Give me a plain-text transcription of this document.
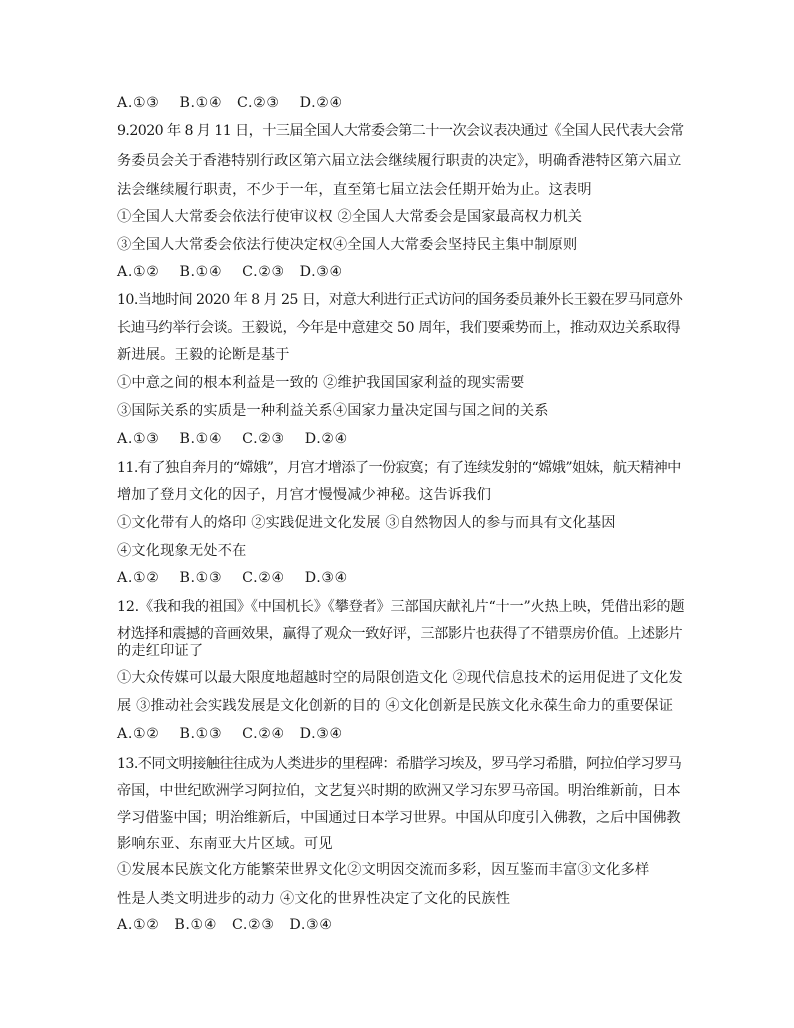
A.①③　 B.①④　C.②③　 D.②④
9.2020 年 8 月 11 日，十三届全国人大常委会第二十一次会议表决通过《全国人民代表大会常
务委员会关于香港特别行政区第六届立法会继续履行职责的决定》，明确香港特区第六届立
法会继续履行职责，不少于一年，直至第七届立法会任期开始为止。这表明
①全国人大常委会依法行使审议权 ②全国人大常委会是国家最高权力机关
③全国人大常委会依法行使决定权④全国人大常委会坚持民主集中制原则
A.①②　 B.①④　 C.②③　D.③④
10.当地时间 2020 年 8 月 25 日，对意大利进行正式访问的国务委员兼外长王毅在罗马同意外
长迪马约举行会谈。王毅说，今年是中意建交 50 周年，我们要乘势而上，推动双边关系取得
新进展。王毅的论断是基于
①中意之间的根本利益是一致的 ②维护我国国家利益的现实需要
③国际关系的实质是一种利益关系④国家力量决定国与国之间的关系
A.①③　 B.①④　 C.②③　 D.②④
11.有了独自奔月的“嫦娥”，月宫才增添了一份寂寞；有了连续发射的“嫦娥”姐妹，航天精神中
增加了登月文化的因子，月宫才慢慢减少神秘。这告诉我们
①文化带有人的烙印 ②实践促进文化发展 ③自然物因人的参与而具有文化基因
④文化现象无处不在
A.①②　 B.①③　 C.②④　 D.③④
12.《我和我的祖国》《中国机长》《攀登者》三部国庆献礼片“十一”火热上映，凭借出彩的题
材选择和震撼的音画效果，赢得了观众一致好评，三部影片也获得了不错票房价值。上述影片
的走红印证了
①大众传媒可以最大限度地超越时空的局限创造文化 ②现代信息技术的运用促进了文化发
展 ③推动社会实践发展是文化创新的目的 ④文化创新是民族文化永葆生命力的重要保证
A.①②　 B.①③　 C.②④　D.③④
13.不同文明接触往往成为人类进步的里程碑：希腊学习埃及，罗马学习希腊，阿拉伯学习罗马
帝国，中世纪欧洲学习阿拉伯，文艺复兴时期的欧洲又学习东罗马帝国。明治维新前，日本
学习借鉴中国；明治维新后，中国通过日本学习世界。中国从印度引入佛教，之后中国佛教
影响东亚、东南亚大片区域。可见
①发展本民族文化方能繁荣世界文化②文明因交流而多彩，因互鉴而丰富③文化多样
性是人类文明进步的动力 ④文化的世界性决定了文化的民族性
A.①②　B.①④　C.②③　D.③④
